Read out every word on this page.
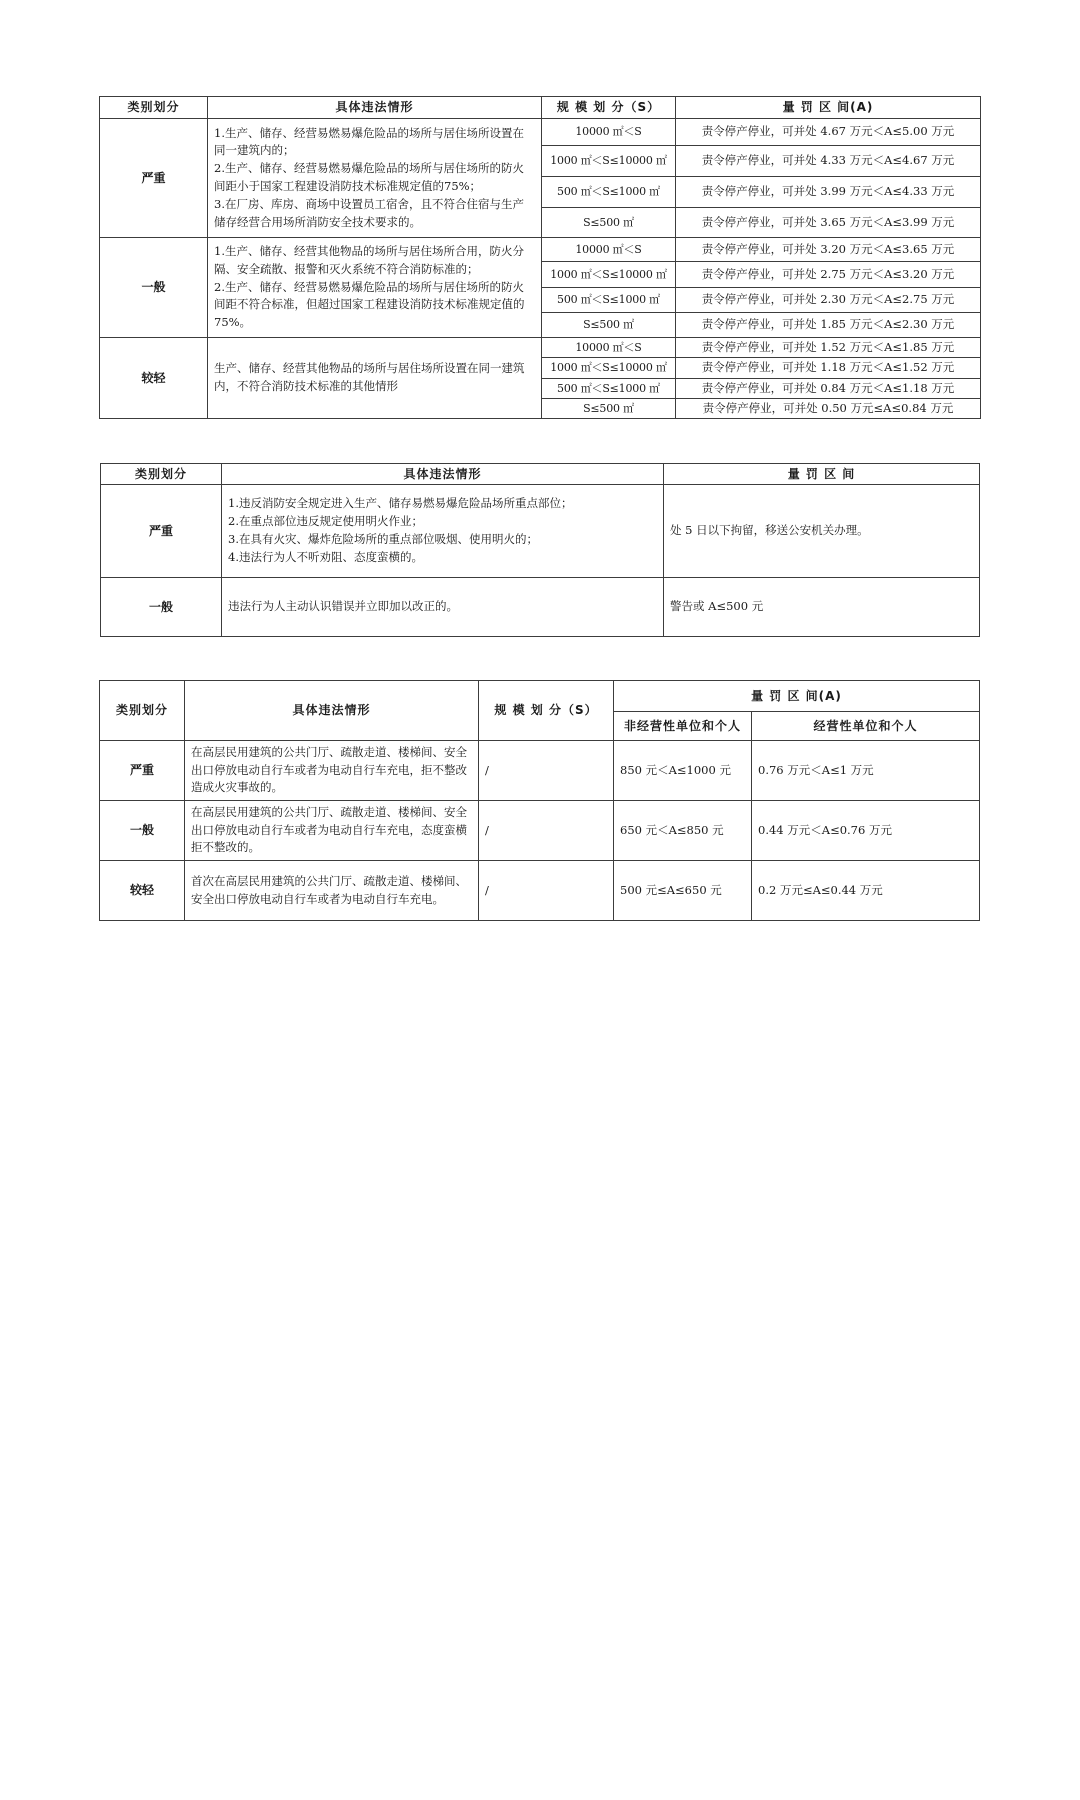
类别划分	具体违法情形	规 模 划 分（S）	量 罚 区 间(A)
严重	1.生产、储存、经营易燃易爆危险品的场所与居住场所设置在同一建筑内的；
2.生产、储存、经营易燃易爆危险品的场所与居住场所的防火间距小于国家工程建设消防技术标准规定值的75%；
3.在厂房、库房、商场中设置员工宿舍，且不符合住宿与生产储存经营合用场所消防安全技术要求的。	10000 ㎡＜S	责令停产停业，可并处 4.67 万元＜A≤5.00 万元
		1000 ㎡＜S≤10000 ㎡	责令停产停业，可并处 4.33 万元＜A≤4.67 万元
		500 ㎡＜S≤1000 ㎡	责令停产停业，可并处 3.99 万元＜A≤4.33 万元
		S≤500 ㎡	责令停产停业，可并处 3.65 万元＜A≤3.99 万元
一般	1.生产、储存、经营其他物品的场所与居住场所合用，防火分隔、安全疏散、报警和灭火系统不符合消防标准的；
2.生产、储存、经营易燃易爆危险品的场所与居住场所的防火间距不符合标准，但超过国家工程建设消防技术标准规定值的75%。	10000 ㎡＜S	责令停产停业，可并处 3.20 万元＜A≤3.65 万元
		1000 ㎡＜S≤10000 ㎡	责令停产停业，可并处 2.75 万元＜A≤3.20 万元
		500 ㎡＜S≤1000 ㎡	责令停产停业，可并处 2.30 万元＜A≤2.75 万元
		S≤500 ㎡	责令停产停业，可并处 1.85 万元＜A≤2.30 万元
较轻	生产、储存、经营其他物品的场所与居住场所设置在同一建筑内，不符合消防技术标准的其他情形	10000 ㎡＜S	责令停产停业，可并处 1.52 万元＜A≤1.85 万元
		1000 ㎡＜S≤10000 ㎡	责令停产停业，可并处 1.18 万元＜A≤1.52 万元
		500 ㎡＜S≤1000 ㎡	责令停产停业，可并处 0.84 万元＜A≤1.18 万元
		S≤500 ㎡	责令停产停业，可并处 0.50 万元≤A≤0.84 万元
类别划分	具体违法情形	量 罚 区 间
严重	1.违反消防安全规定进入生产、储存易燃易爆危险品场所重点部位；
2.在重点部位违反规定使用明火作业；
3.在具有火灾、爆炸危险场所的重点部位吸烟、使用明火的；
4.违法行为人不听劝阻、态度蛮横的。	处 5 日以下拘留，移送公安机关办理。
一般	违法行为人主动认识错误并立即加以改正的。	警告或 A≤500 元
类别划分	具体违法情形	规 模 划 分（S）	量 罚 区 间(A)	
			非经营性单位和个人	经营性单位和个人
严重	在高层民用建筑的公共门厅、疏散走道、楼梯间、安全出口停放电动自行车或者为电动自行车充电，拒不整改造成火灾事故的。	/	850 元＜A≤1000 元	0.76 万元＜A≤1 万元
一般	在高层民用建筑的公共门厅、疏散走道、楼梯间、安全出口停放电动自行车或者为电动自行车充电，态度蛮横拒不整改的。	/	650 元＜A≤850 元	0.44 万元＜A≤0.76 万元
较轻	首次在高层民用建筑的公共门厅、疏散走道、楼梯间、安全出口停放电动自行车或者为电动自行车充电。	/	500 元≤A≤650 元	0.2 万元≤A≤0.44 万元
